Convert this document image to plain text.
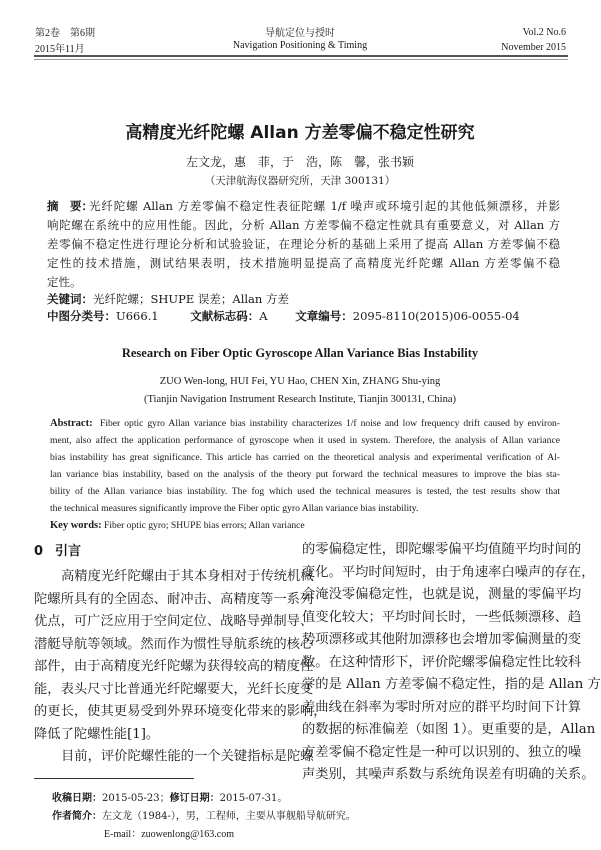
第2卷　第6期
2015年11月
导航定位与授时
Navigation Positioning & Timing
Vol.2 No.6
November 2015
高精度光纤陀螺 Allan 方差零偏不稳定性研究
左文龙，惠　菲，于　浩，陈　馨，张书颖
（天津航海仪器研究所，天津 300131）
摘　要：
光纤陀螺 Allan 方差零偏不稳定性表征陀螺 1/f 噪声或环境引起的其他低频漂移，并影
响陀螺在系统中的应用性能。因此，分析 Allan 方差零偏不稳定性就具有重要意义，对 Allan 方
差零偏不稳定性进行理论分析和试验验证，在理论分析的基础上采用了提高 Allan 方差零偏不稳
定性的技术措施，测试结果表明，技术措施明显提高了高精度光纤陀螺 Allan 方差零偏不稳
定性。
关键词：光纤陀螺；SHUPE 误差；Allan 方差
中图分类号：U666.1	文献标志码：A 文章编号：2095-8110(2015)06-0055-04
Research on Fiber Optic Gyroscope Allan Variance Bias Instability
ZUO Wen-long, HUI Fei, YU Hao, CHEN Xin, ZHANG Shu-ying
(Tianjin Navigation Instrument Research Institute, Tianjin 300131, China)
Abstract: Fiber optic gyro Allan variance bias instability characterizes 1/f noise and low frequency drift caused by environ-
ment, also affect the application performance of gyroscope when it used in system. Therefore, the analysis of Allan variance
bias instability has great significance. This article has carried on the theoretical analysis and experimental verification of Al-
lan variance bias instability, based on the analysis of the theory put forward the technical measures to improve the bias sta-
bility of the Allan variance bias instability. The fog which used the technical measures is tested, the test results show that
the technical measures significantly improve the Fiber optic gyro Allan variance bias instability.
Key words: Fiber optic gyro; SHUPE bias errors; Allan variance
0 引言
高精度光纤陀螺由于其本身相对于传统机械
陀螺所具有的全固态、耐冲击、高精度等一系列
优点，可广泛应用于空间定位、战略导弹制导、
潜艇导航等领域。然而作为惯性导航系统的核心
部件，由于高精度光纤陀螺为获得较高的精度性
能，表头尺寸比普通光纤陀螺要大，光纤长度变
的更长，使其更易受到外界环境变化带来的影响，
降低了陀螺性能[1]。
目前，评价陀螺性能的一个关键指标是陀螺
的零偏稳定性，即陀螺零偏平均值随平均时间的
变化。平均时间短时，由于角速率白噪声的存在，
会淹没零偏稳定性，也就是说，测量的零偏平均
值变化较大；平均时间长时，一些低频漂移、趋
势项漂移或其他附加漂移也会增加零偏测量的变
数。在这种情形下，评价陀螺零偏稳定性比较科
学的是 Allan 方差零偏不稳定性，指的是 Allan 方
差曲线在斜率为零时所对应的群平均时间下计算
的数据的标准偏差（如图 1）。更重要的是，Allan
方差零偏不稳定性是一种可以识别的、独立的噪
声类别，其噪声系数与系统角误差有明确的关系。
收稿日期：2015-05-23；修订日期：2015-07-31。
作者简介：左文龙（1984-），男，工程师，主要从事舰船导航研究。
E-mail：zuowenlong@163.com
